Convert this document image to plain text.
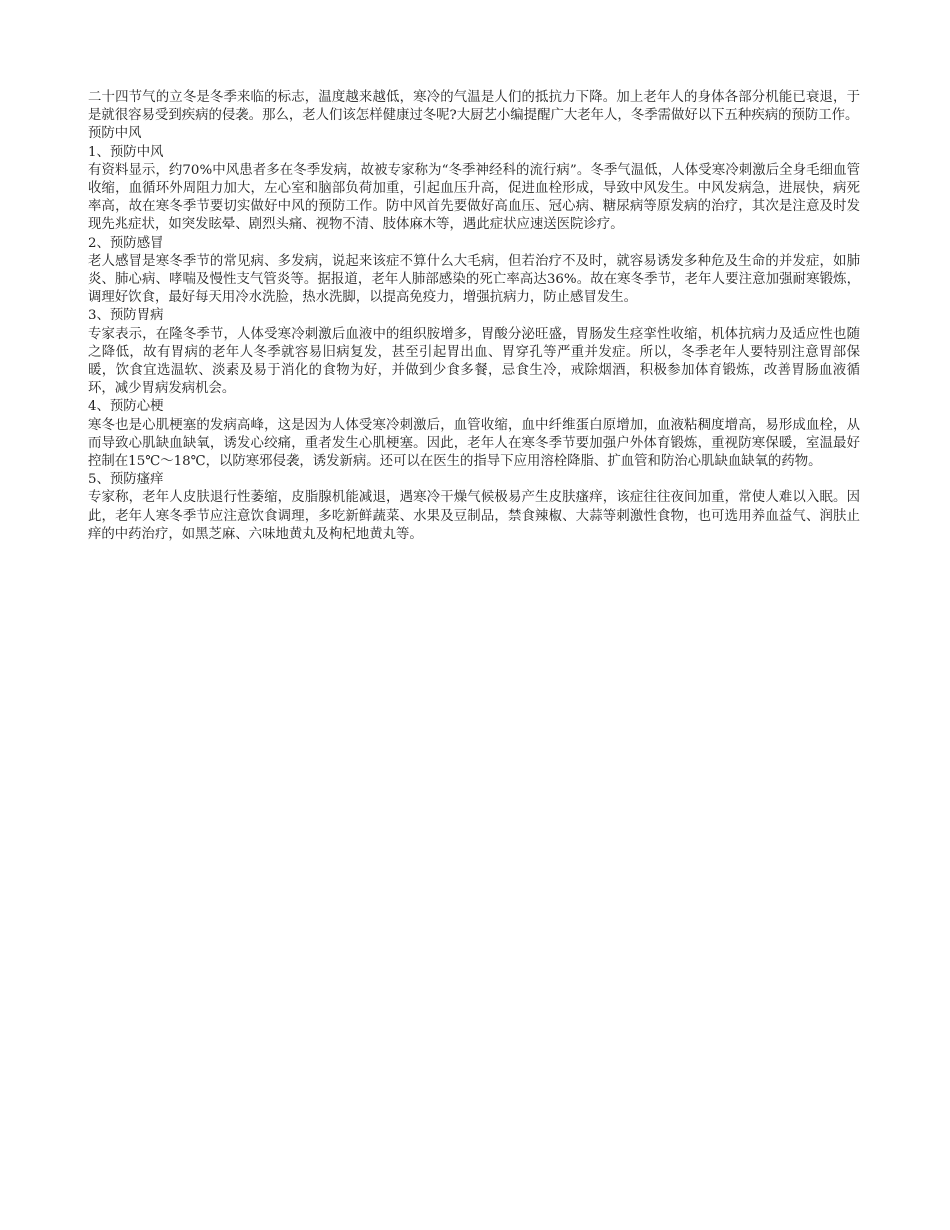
二十四节气的立冬是冬季来临的标志，温度越来越低，寒冷的气温是人们的抵抗力下降。加上老年人的身体各部分机能已衰退，于是就很容易受到疾病的侵袭。那么，老人们该怎样健康过冬呢?大厨艺小编提醒广大老年人，冬季需做好以下五种疾病的预防工作。

预防中风

1、预防中风

有资料显示，约70%中风患者多在冬季发病，故被专家称为“冬季神经科的流行病”。冬季气温低，人体受寒冷刺激后全身毛细血管收缩，血循环外周阻力加大，左心室和脑部负荷加重，引起血压升高，促进血栓形成，导致中风发生。中风发病急，进展快，病死率高，故在寒冬季节要切实做好中风的预防工作。防中风首先要做好高血压、冠心病、糖尿病等原发病的治疗，其次是注意及时发现先兆症状，如突发眩晕、剧烈头痛、视物不清、肢体麻木等，遇此症状应速送医院诊疗。

2、预防感冒

老人感冒是寒冬季节的常见病、多发病，说起来该症不算什么大毛病，但若治疗不及时，就容易诱发多种危及生命的并发症，如肺炎、肺心病、哮喘及慢性支气管炎等。据报道，老年人肺部感染的死亡率高达36%。故在寒冬季节，老年人要注意加强耐寒锻炼，调理好饮食，最好每天用冷水洗脸，热水洗脚，以提高免疫力，增强抗病力，防止感冒发生。

3、预防胃病

专家表示，在隆冬季节，人体受寒冷刺激后血液中的组织胺增多，胃酸分泌旺盛，胃肠发生痉挛性收缩，机体抗病力及适应性也随之降低，故有胃病的老年人冬季就容易旧病复发，甚至引起胃出血、胃穿孔等严重并发症。所以，冬季老年人要特别注意胃部保暖，饮食宜选温软、淡素及易于消化的食物为好，并做到少食多餐，忌食生冷，戒除烟酒，积极参加体育锻炼，改善胃肠血液循环，减少胃病发病机会。

4、预防心梗

寒冬也是心肌梗塞的发病高峰，这是因为人体受寒冷刺激后，血管收缩，血中纤维蛋白原增加，血液粘稠度增高，易形成血栓，从而导致心肌缺血缺氧，诱发心绞痛，重者发生心肌梗塞。因此，老年人在寒冬季节要加强户外体育锻炼，重视防寒保暖，室温最好控制在15℃～18℃，以防寒邪侵袭，诱发新病。还可以在医生的指导下应用溶栓降脂、扩血管和防治心肌缺血缺氧的药物。

5、预防瘙痒

专家称，老年人皮肤退行性萎缩，皮脂腺机能减退，遇寒冷干燥气候极易产生皮肤瘙痒，该症往往夜间加重，常使人难以入眠。因此，老年人寒冬季节应注意饮食调理，多吃新鲜蔬菜、水果及豆制品，禁食辣椒、大蒜等刺激性食物，也可选用养血益气、润肤止痒的中药治疗，如黑芝麻、六味地黄丸及枸杞地黄丸等。
